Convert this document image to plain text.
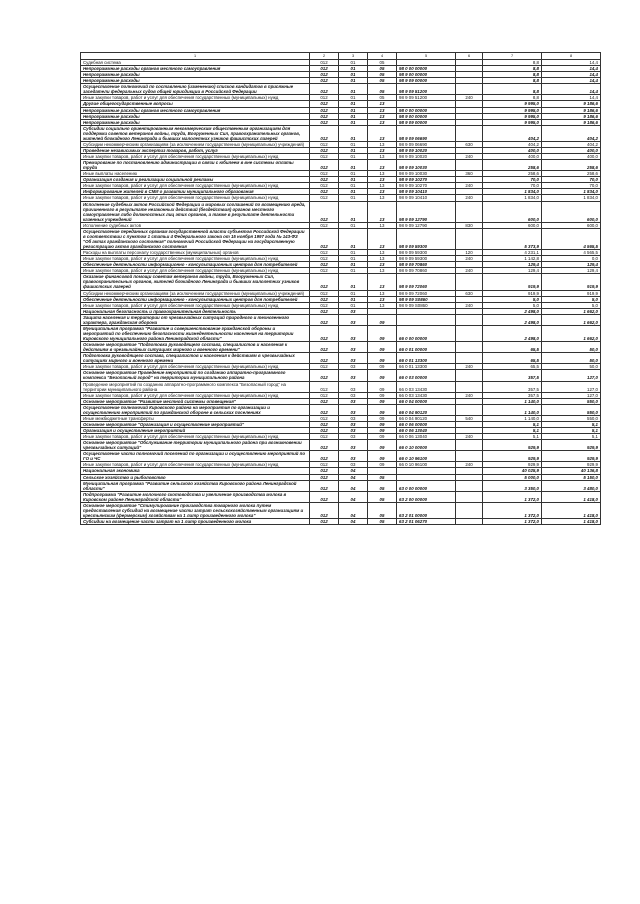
1	2	3	4	5	6	7	8
Судебная система	012	01	05			8,8	14,4
Непрограммные расходы органов местного самоуправления	012	01	05	98 0 00 00000		8,8	14,4
Непрограммные расходы	012	01	05	98 9 00 00000		8,8	14,4
Непрограммные расходы	012	01	05	98 9 09 00000		8,8	14,4
Осуществление полномочий по составлению (изменению) списков кандидатов в присяжные заседатели федеральных судов общей юрисдикции в Российской Федерации	012	01	05	98 9 09 51200		8,8	14,4
Иные закупки товаров, работ и услуг для обеспечения государственных (муниципальных) нужд	012	01	05	98 9 09 51200	240	8,8	14,4
Другие общегосударственные вопросы	012	01	13			9 995,0	9 186,6
Непрограммные расходы органов местного самоуправления	012	01	13	98 0 00 00000		9 995,0	9 186,6
Непрограммные расходы	012	01	13	98 9 00 00000		9 995,0	9 186,6
Непрограммные расходы	012	01	13	98 9 09 00000		9 995,0	9 186,6
Субсидии социально ориентированным некоммерческим общественным организациям для поддержки советов ветеранов войны, труда, Вооруженных Сил, правоохранительных органов, жителей блокадного Ленинграда и бывших малолетних узников фашистских лагерей	012	01	13	98 9 09 06690		404,2	404,2
Субсидии некоммерческим организациям (за исключением государственных (муниципальных) учреждений)	012	01	13	98 9 09 06690	630	404,2	404,2
Проведение независимых экспертиз товаров, работ, услуг	012	01	13	98 9 09 10020		400,0	400,0
Иные закупки товаров, работ и услуг для обеспечения государственных (муниципальных) нужд	012	01	13	98 9 09 10020	240	400,0	400,0
Премирование по постановлению администрации в связи с юбилеем в вне системы оплаты труда	012	01	13	98 9 09 10030		258,6	258,6
Иные выплаты населению	012	01	13	98 9 09 10030	360	258,6	258,6
Организация создания и реализации социальной рекламы	012	01	13	98 9 09 10270		70,0	70,0
Иные закупки товаров, работ и услуг для обеспечения государственных (муниципальных) нужд	012	01	13	98 9 09 10270	240	70,0	70,0
Информирование жителей в СМИ о развитии муниципального образования	012	01	13	98 9 09 10410		1 834,0	1 834,0
Иные закупки товаров, работ и услуг для обеспечения государственных (муниципальных) нужд	012	01	13	98 9 09 10410	240	1 834,0	1 834,0
Исполнение судебных актов Российской Федерации и мировых соглашений по возмещению вреда, причиненного в результате незаконных действий (бездействия) органов местного самоуправления либо должностных лиц этих органов, а также в результате деятельности казенных учреждений	012	01	13	98 9 09 12790		600,0	600,0
Исполнение судебных актов	012	01	13	98 9 09 12790	830	600,0	600,0
Осуществление переданных органам государственной власти субъектов Российской Федерации в соответствии с пунктом 1 статьи 4 Федерального закона от 15 ноября 1997 года № 143-ФЗ "Об актах гражданского состояния" полномочий Российской Федерации на государственную регистрацию актов гражданского состояния	012	01	13	98 9 09 59300		5 373,9	4 565,5
Расходы на выплаты персоналу государственных (муниципальных) органов	012	01	13	98 9 09 59300	120	4 231,1	4 565,5
Иные закупки товаров, работ и услуг для обеспечения государственных (муниципальных) нужд	012	01	13	98 9 09 59300	240	1 142,8	0,0
Обеспечение деятельности информационно - консультационных центров для потребителей	012	01	13	98 9 09 70860		129,4	129,4
Иные закупки товаров, работ и услуг для обеспечения государственных (муниципальных) нужд	012	01	13	98 9 09 70860	240	129,4	129,4
Оказание финансовой помощи советам ветеранов войны, труда, Вооруженных Сил, правоохранительных органов, жителей блокадного Ленинграда и бывших малолетних узников фашистских лагерей	012	01	13	98 9 09 72060		919,9	919,9
Субсидии некоммерческим организациям (за исключением государственных (муниципальных) учреждений)	012	01	13	98 9 09 72060	630	919,9	919,9
Обеспечение деятельности информационно - консультационных центров для потребителей	012	01	13	98 9 09 S0860		5,0	5,0
Иные закупки товаров, работ и услуг для обеспечения государственных (муниципальных) нужд	012	01	13	98 9 09 S0860	240	5,0	5,0
Национальная безопасность и правоохранительная деятельность	012	03				2 498,0	1 662,0
Защита населения и территории от чрезвычайных ситуаций природного и техногенного характера, гражданская оборона	012	03	09			2 498,0	1 662,0
Муниципальная программа "Развитие и совершенствование гражданской обороны и мероприятий по обеспечению безопасности жизнедеятельности населения на территории Кировского муниципального района Ленинградской области"	012	03	09	66 0 00 00000		2 498,0	1 662,0
Основное мероприятие "Подготовка руководящего состава, специалистов и населения к действиям в чрезвычайных ситуациях мирного и военного времени"	012	03	09	66 0 01 00000		65,5	50,0
Подготовка руководящего состава, специалистов и населения к действиям в чрезвычайных ситуациях мирного и военного времени	012	03	09	66 0 01 13300		65,5	50,0
Иные закупки товаров, работ и услуг для обеспечения государственных (муниципальных) нужд	012	03	09	66 0 01 13300	240	65,5	50,0
Основное мероприятие Проведение мероприятий по созданию аппаратно-программного комплекса "Безопасный город" на территории муниципального района	012	03	09	66 0 03 00000		357,5	127,0
Проведение мероприятий по созданию аппаратно-программного комплекса "Безопасный город" на территории муниципального района	012	03	09	66 0 03 13430		357,5	127,0
Иные закупки товаров, работ и услуг для обеспечения государственных (муниципальных) нужд	012	03	09	66 0 03 13430	240	357,5	127,0
Основное мероприятие "Развитие местной системы оповещения"	012	03	09	66 0 04 00000		1 140,0	550,0
Осуществление полномочий Кировского района на мероприятия по организации и осуществлению мероприятий по гражданской обороне в сельских поселениях	012	03	09	66 0 04 90120		1 140,0	550,0
Иные межбюджетные трансферты	012	03	09	66 0 04 90120	540	1 140,0	550,0
Основное мероприятие "Организация и осуществление мероприятий"	012	03	09	66 0 06 00000		5,1	5,1
Организация и осуществление мероприятий	012	03	09	66 0 06 13040		5,1	5,1
Иные закупки товаров, работ и услуг для обеспечения государственных (муниципальных) нужд	012	03	09	66 0 06 13040	240	5,1	5,1
Основное мероприятие "Обслуживание территории муниципального района при возникновении чрезвычайных ситуаций"	012	03	09	66 0 10 00000		929,9	929,9
Осуществление части полномочий поселений по организации и осуществлению мероприятий по ГО и ЧС	012	03	09	66 0 10 96100		929,9	929,9
Иные закупки товаров, работ и услуг для обеспечения государственных (муниципальных) нужд	012	03	09	66 0 10 96100	240	929,9	929,9
Национальная экономика	012	04				40 025,9	40 136,8
Сельское хозяйство и рыболовство	012	04	05			5 000,0	5 150,0
Муниципальная программа "Развитие сельского хозяйства Кировского района Ленинградской области"	012	04	05	63 0 00 00000		3 350,0	3 480,0
Подпрограмма "Развитие молочного скотоводства и увеличение производства молока в Кировском районе Ленинградской области"	012	04	05	63 2 00 00000		1 372,0	1 418,0
Основное мероприятие "Стимулирование производства товарного молока путем предоставления субсидий на возмещение части затрат сельскохозяйственным организациям и крестьянским (фермерским) хозяйствам на 1 литр произведенного молока"	012	04	05	63 2 01 00000		1 372,0	1 418,0
Субсидии на возмещение части затрат на 1 литр произведенного молока	012	04	05	63 2 01 06270		1 372,0	1 418,0
